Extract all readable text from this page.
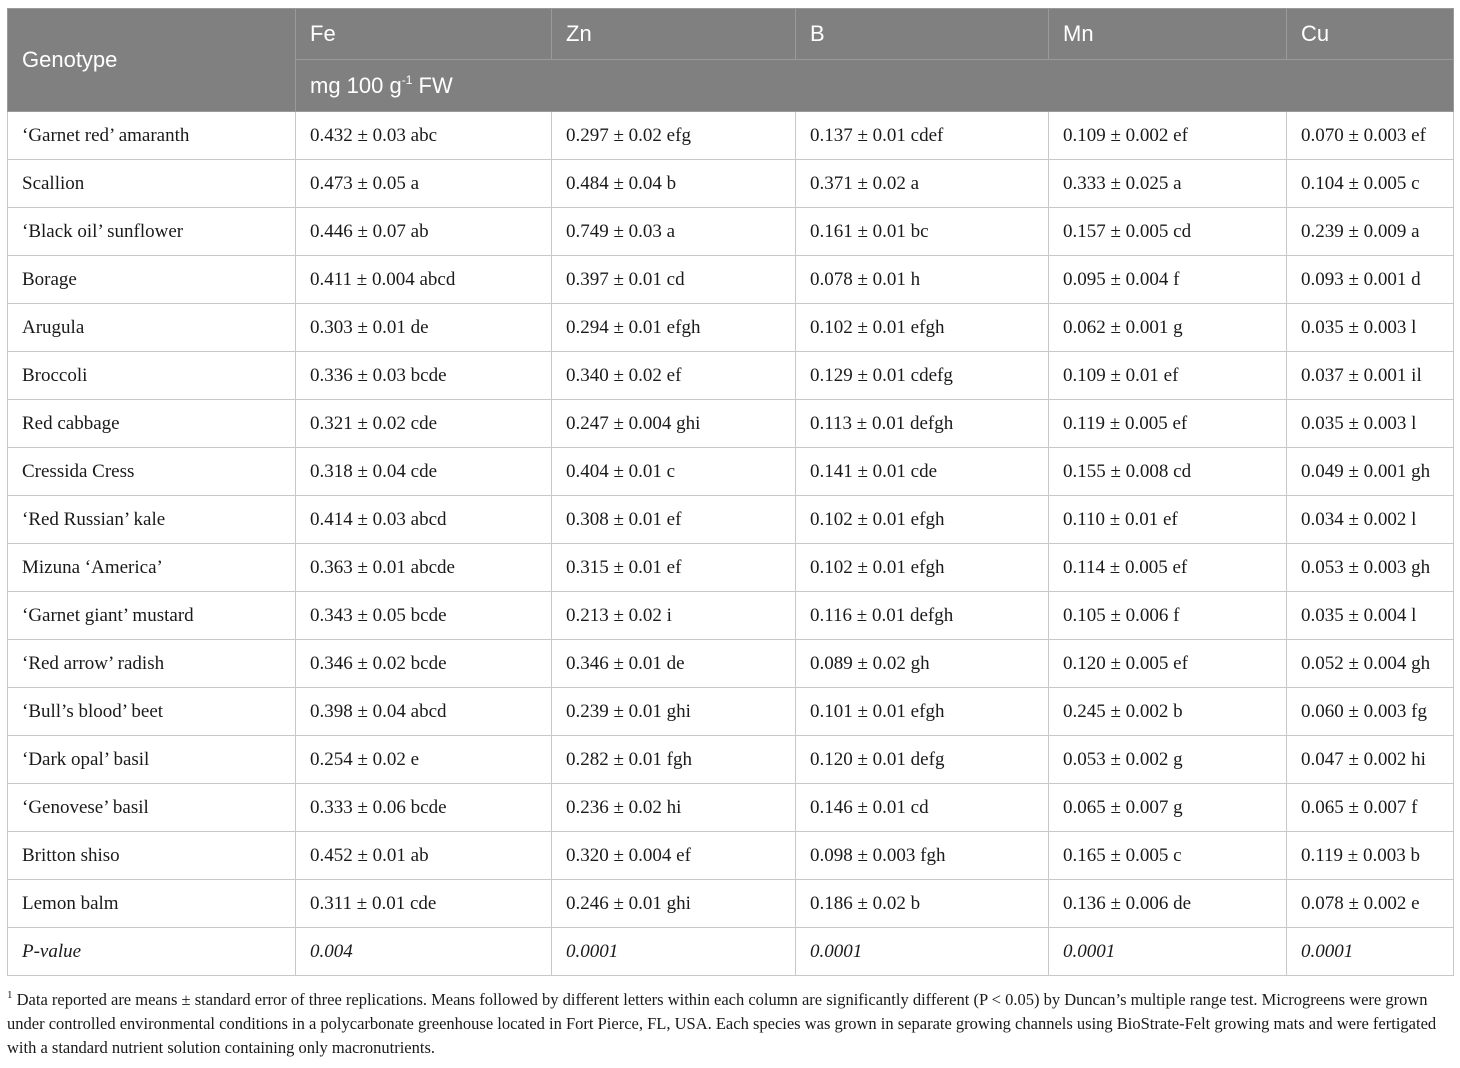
Genotype	Fe	Zn	B	Mn	Cu
	mg 100 $g^{-1}$ FW				
‘Garnet red’ amaranth	0.432 ± 0.03 abc	0.297 ± 0.02 efg	0.137 ± 0.01 cdef	0.109 ± 0.002 ef	0.070 ± 0.003 ef
Scallion	0.473 ± 0.05 a	0.484 ± 0.04 b	0.371 ± 0.02 a	0.333 ± 0.025 a	0.104 ± 0.005 c
‘Black oil’ sunflower	0.446 ± 0.07 ab	0.749 ± 0.03 a	0.161 ± 0.01 bc	0.157 ± 0.005 cd	0.239 ± 0.009 a
Borage	0.411 ± 0.004 abcd	0.397 ± 0.01 cd	0.078 ± 0.01 h	0.095 ± 0.004 f	0.093 ± 0.001 d
Arugula	0.303 ± 0.01 de	0.294 ± 0.01 efgh	0.102 ± 0.01 efgh	0.062 ± 0.001 g	0.035 ± 0.003 l
Broccoli	0.336 ± 0.03 bcde	0.340 ± 0.02 ef	0.129 ± 0.01 cdefg	0.109 ± 0.01 ef	0.037 ± 0.001 il
Red cabbage	0.321 ± 0.02 cde	0.247 ± 0.004 ghi	0.113 ± 0.01 defgh	0.119 ± 0.005 ef	0.035 ± 0.003 l
Cressida Cress	0.318 ± 0.04 cde	0.404 ± 0.01 c	0.141 ± 0.01 cde	0.155 ± 0.008 cd	0.049 ± 0.001 gh
‘Red Russian’ kale	0.414 ± 0.03 abcd	0.308 ± 0.01 ef	0.102 ± 0.01 efgh	0.110 ± 0.01 ef	0.034 ± 0.002 l
Mizuna ‘America’	0.363 ± 0.01 abcde	0.315 ± 0.01 ef	0.102 ± 0.01 efgh	0.114 ± 0.005 ef	0.053 ± 0.003 gh
‘Garnet giant’ mustard	0.343 ± 0.05 bcde	0.213 ± 0.02 i	0.116 ± 0.01 defgh	0.105 ± 0.006 f	0.035 ± 0.004 l
‘Red arrow’ radish	0.346 ± 0.02 bcde	0.346 ± 0.01 de	0.089 ± 0.02 gh	0.120 ± 0.005 ef	0.052 ± 0.004 gh
‘Bull’s blood’ beet	0.398 ± 0.04 abcd	0.239 ± 0.01 ghi	0.101 ± 0.01 efgh	0.245 ± 0.002 b	0.060 ± 0.003 fg
‘Dark opal’ basil	0.254 ± 0.02 e	0.282 ± 0.01 fgh	0.120 ± 0.01 defg	0.053 ± 0.002 g	0.047 ± 0.002 hi
‘Genovese’ basil	0.333 ± 0.06 bcde	0.236 ± 0.02 hi	0.146 ± 0.01 cd	0.065 ± 0.007 g	0.065 ± 0.007 f
Britton shiso	0.452 ± 0.01 ab	0.320 ± 0.004 ef	0.098 ± 0.003 fgh	0.165 ± 0.005 c	0.119 ± 0.003 b
Lemon balm	0.311 ± 0.01 cde	0.246 ± 0.01 ghi	0.186 ± 0.02 b	0.136 ± 0.006 de	0.078 ± 0.002 e
P-value	0.004	0.0001	0.0001	0.0001	0.0001
$^1$ Data reported are means ± standard error of three replications. Means followed by different letters within each column are significantly different (P < 0.05) by Duncan’s multiple range test. Microgreens were grown under controlled environmental conditions in a polycarbonate greenhouse located in Fort Pierce, FL, USA. Each species was grown in separate growing channels using BioStrate-Felt growing mats and were fertigated with a standard nutrient solution containing only macronutrients.
